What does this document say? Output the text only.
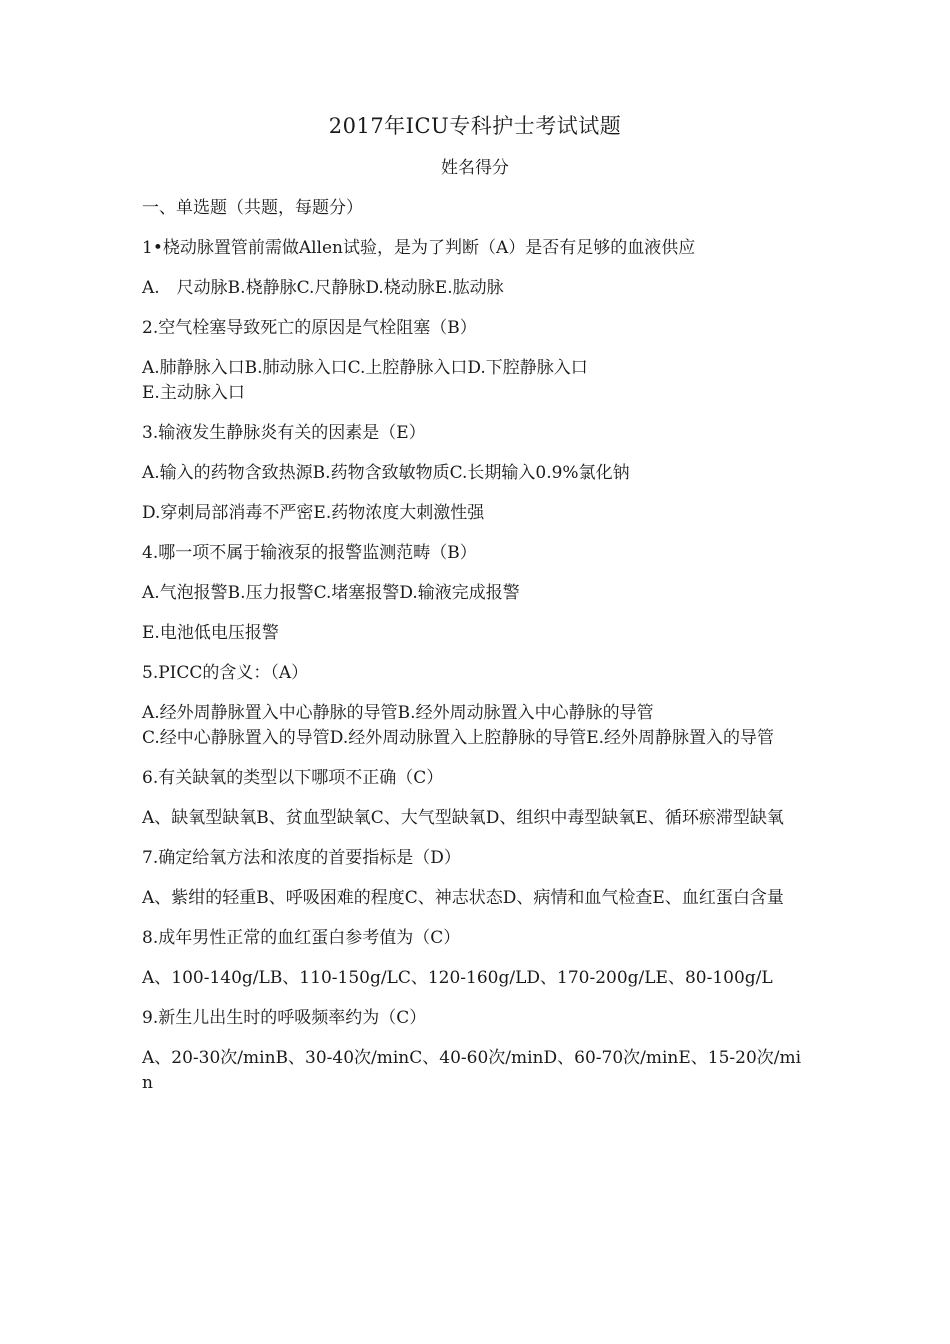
2017年ICU专科护士考试试题
姓名得分

一、单选题（共题，每题分）

1•桡动脉置管前需做Allen试验，是为了判断（A）是否有足够的血液供应

A.　尺动脉B.桡静脉C.尺静脉D.桡动脉E.肱动脉

2.空气栓塞导致死亡的原因是气栓阻塞（B）

A.肺静脉入口B.肺动脉入口C.上腔静脉入口D.下腔静脉入口

E.主动脉入口

3.输液发生静脉炎有关的因素是（E）

A.输入的药物含致热源B.药物含致敏物质C.长期输入0.9%氯化钠

D.穿刺局部消毒不严密E.药物浓度大刺激性强

4.哪一项不属于输液泵的报警监测范畴（B）

A.气泡报警B.压力报警C.堵塞报警D.输液完成报警

E.电池低电压报警

5.PICC的含义：（A）

A.经外周静脉置入中心静脉的导管B.经外周动脉置入中心静脉的导管

C.经中心静脉置入的导管D.经外周动脉置入上腔静脉的导管E.经外周静脉置入的导管

6.有关缺氧的类型以下哪项不正确（C）

A、缺氧型缺氧B、贫血型缺氧C、大气型缺氧D、组织中毒型缺氧E、循环瘀滞型缺氧

7.确定给氧方法和浓度的首要指标是（D）

A、紫绀的轻重B、呼吸困难的程度C、神志状态D、病情和血气检查E、血红蛋白含量

8.成年男性正常的血红蛋白参考值为（C）

A、100-140g/LB、110-150g/LC、120-160g/LD、170-200g/LE、80-100g/L

9.新生儿出生时的呼吸频率约为（C）

A、20-30次/minB、30-40次/minC、40-60次/minD、60-70次/minE、15-20次/min
